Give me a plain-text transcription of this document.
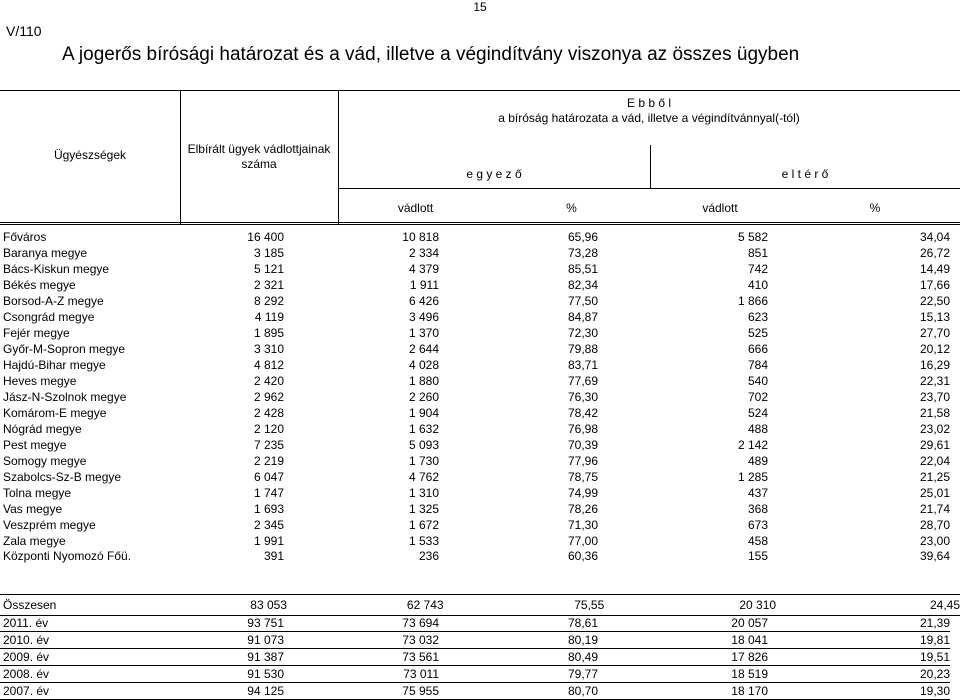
15
V/110
A jogerős bírósági határozat és a vád, illetve a végindítvány viszonya az összes ügyben
Ügyészségek	Elbírált ügyek vádlottjainak
száma
E b b ő l
a bíróság határozata a vád, illetve a végindítvánnyal(-tól)
e g y e z ő	e l t é r ő
vádlott	%	vádlott	%
Főváros	16 400	10 818	65,96	5 582	34,04
Baranya megye	3 185	2 334	73,28	851	26,72
Bács-Kiskun megye	5 121	4 379	85,51	742	14,49
Békés megye	2 321	1 911	82,34	410	17,66
Borsod-A-Z megye	8 292	6 426	77,50	1 866	22,50
Csongrád megye	4 119	3 496	84,87	623	15,13
Fejér megye	1 895	1 370	72,30	525	27,70
Győr-M-Sopron megye	3 310	2 644	79,88	666	20,12
Hajdú-Bihar megye	4 812	4 028	83,71	784	16,29
Heves megye	2 420	1 880	77,69	540	22,31
Jász-N-Szolnok megye	2 962	2 260	76,30	702	23,70
Komárom-E megye	2 428	1 904	78,42	524	21,58
Nógrád megye	2 120	1 632	76,98	488	23,02
Pest megye	7 235	5 093	70,39	2 142	29,61
Somogy megye	2 219	1 730	77,96	489	22,04
Szabolcs-Sz-B megye	6 047	4 762	78,75	1 285	21,25
Tolna megye	1 747	1 310	74,99	437	25,01
Vas megye	1 693	1 325	78,26	368	21,74
Veszprém megye	2 345	1 672	71,30	673	28,70
Zala megye	1 991	1 533	77,00	458	23,00
Központi Nyomozó Főü.	391	236	60,36	155	39,64
Összesen	83 053	62 743	75,55	20 310	24,45
2011. év	93 751	73 694	78,61	20 057	21,39
2010. év	91 073	73 032	80,19	18 041	19,81
2009. év	91 387	73 561	80,49	17 826	19,51
2008. év	91 530	73 011	79,77	18 519	20,23
2007. év	94 125	75 955	80,70	18 170	19,30
